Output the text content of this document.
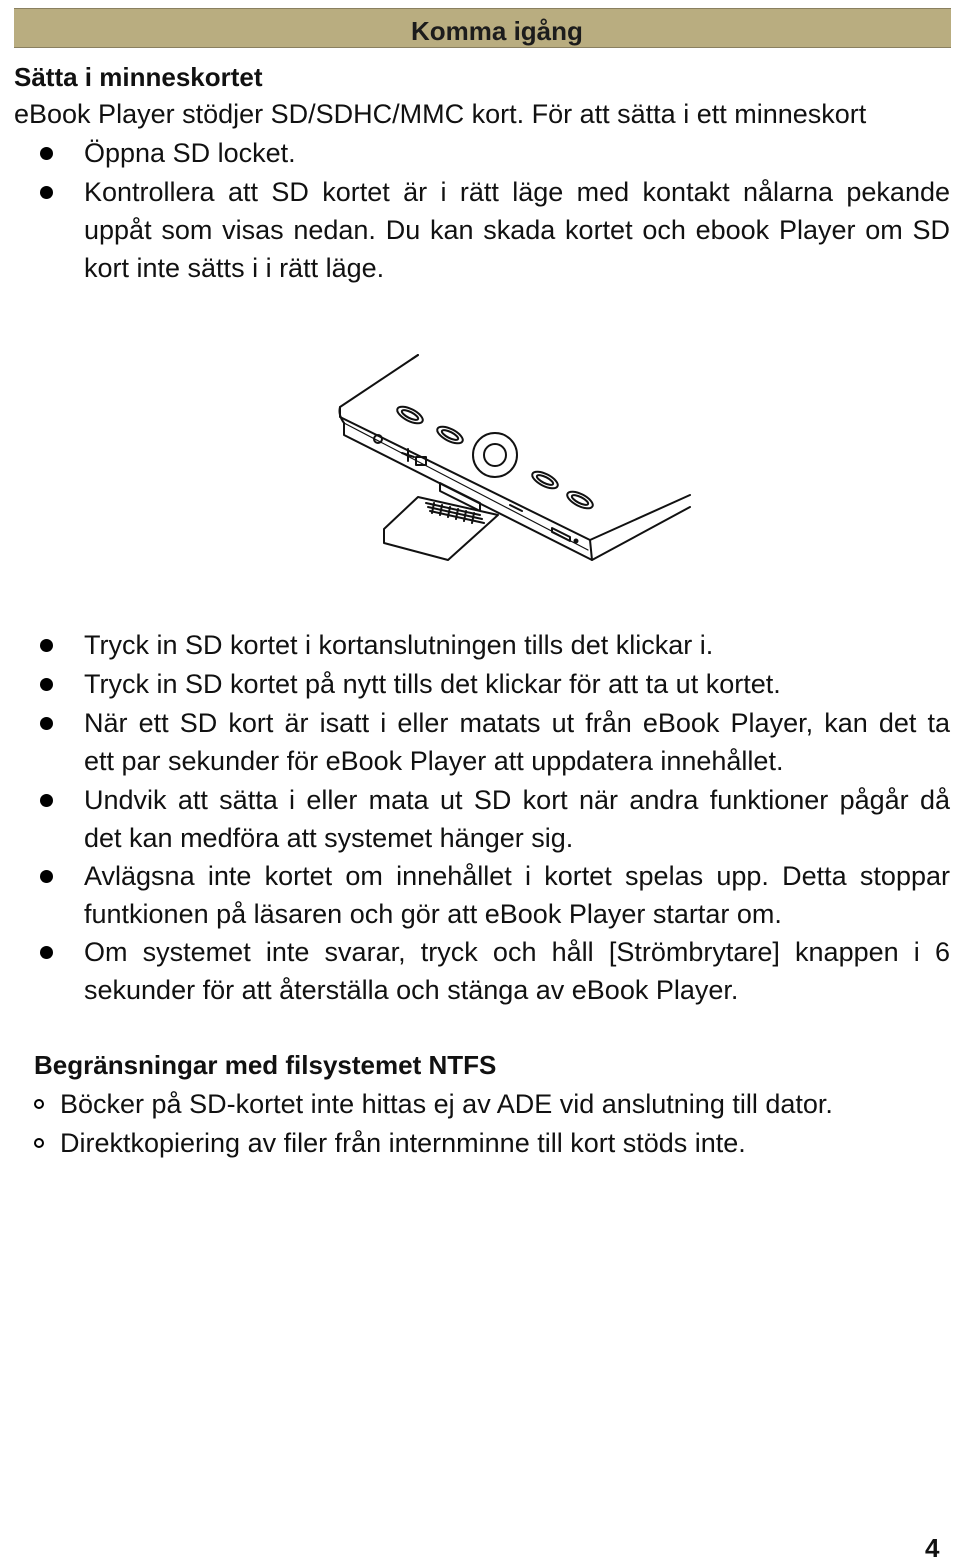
Komma igång
Sätta i minneskortet
eBook Player stödjer SD/SDHC/MMC kort. För att sätta i ett minneskort
Öppna SD locket.
Kontrollera att SD kortet är i rätt läge med kontakt nålarna pekande
uppåt som visas nedan. Du kan skada kortet och ebook Player om SD
kort inte sätts i i rätt läge.
Tryck in SD kortet i kortanslutningen tills det klickar i.
Tryck in SD kortet på nytt tills det klickar för att ta ut kortet.
När ett SD kort är isatt i eller matats ut från eBook Player, kan det ta
ett par sekunder för eBook Player att uppdatera innehållet.
Undvik att sätta i eller mata ut SD kort när andra funktioner pågår då
det kan medföra att systemet hänger sig.
Avlägsna inte kortet om innehållet i kortet spelas upp. Detta stoppar
funtkionen på läsaren och gör att eBook Player startar om.
Om systemet inte svarar, tryck och håll [Strömbrytare] knappen i 6
sekunder för att återställa och stänga av eBook Player.
Begränsningar med filsystemet NTFS
Böcker på SD-kortet inte hittas ej av ADE vid anslutning till dator.
Direktkopiering av filer från internminne till kort stöds inte.
4
